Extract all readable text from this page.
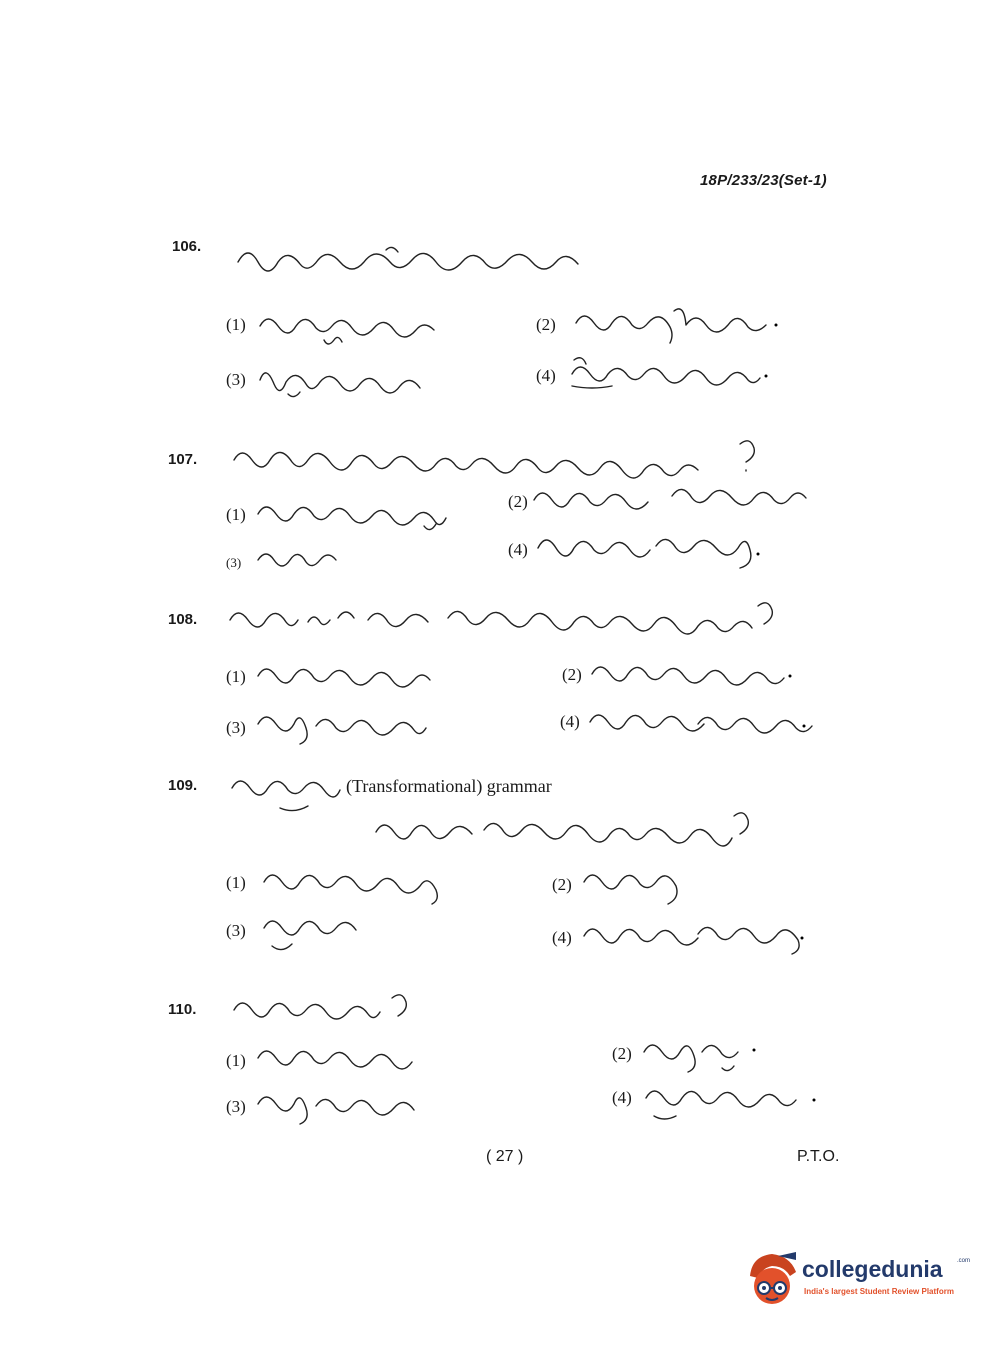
18P/233/23(Set-1)
106.
(1)	(2)
(3)	(4)
107.
(1)
(2)
(3)
(4)
108.
(1)	(2)
(3)	(4)
109.	(Transformational) grammar
(1)	(2)
(3)	(4)
110.
(1)	(2)
(3)	(4)
( 27 )	P.T.O.
collegedunia .com
India's largest Student Review Platform
